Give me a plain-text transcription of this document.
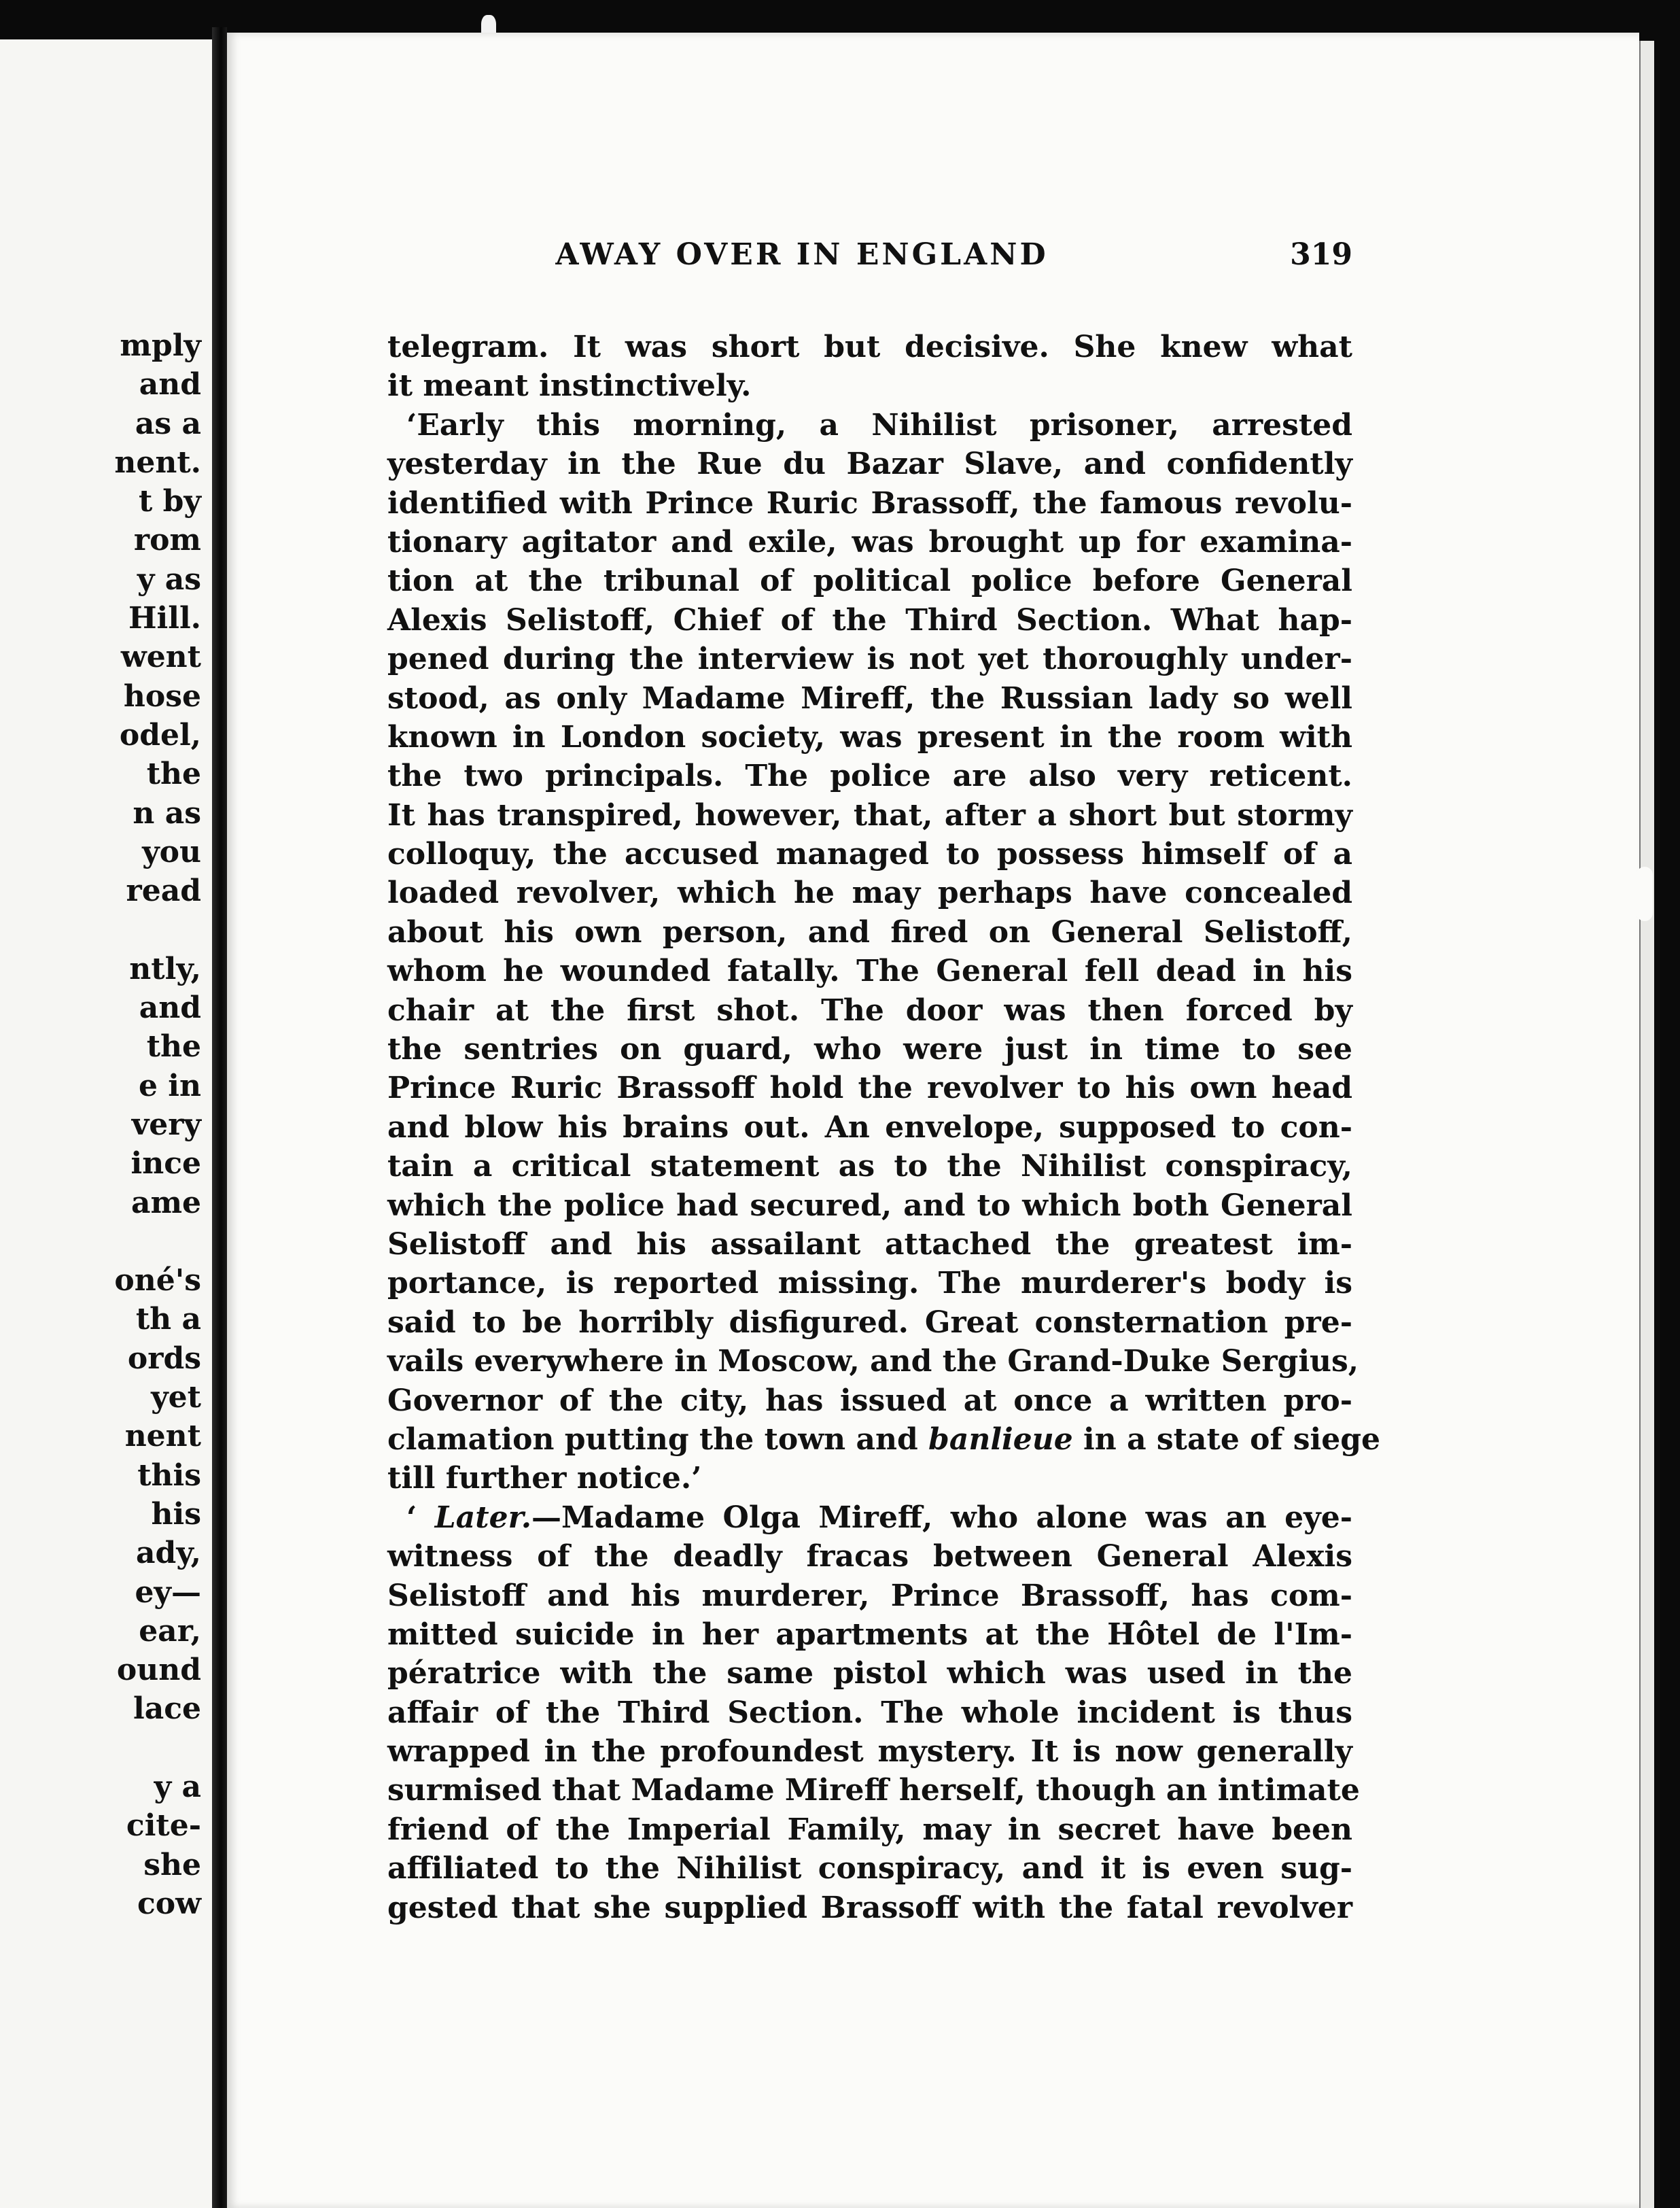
mply
and
as a
nent.
t by
rom
y as
Hill.
went
hose
odel,
the
n as
you
read
ntly,
and
the
e in
very
ince
ame
oné's
th a
ords
yet
nent
this
his
ady,
ey—
ear,
ound
lace
y a
cite-
she
cow
AWAY OVER IN ENGLAND	319
telegram. It was short but decisive. She knew what
it meant instinctively.
‘Early this morning, a Nihilist prisoner, arrested
yesterday in the Rue du Bazar Slave, and confidently
identified with Prince Ruric Brassoff, the famous revolu-
tionary agitator and exile, was brought up for examina-
tion at the tribunal of political police before General
Alexis Selistoff, Chief of the Third Section. What hap-
pened during the interview is not yet thoroughly under-
stood, as only Madame Mireff, the Russian lady so well
known in London society, was present in the room with
the two principals. The police are also very reticent.
It has transpired, however, that, after a short but stormy
colloquy, the accused managed to possess himself of a
loaded revolver, which he may perhaps have concealed
about his own person, and fired on General Selistoff,
whom he wounded fatally. The General fell dead in his
chair at the first shot. The door was then forced by
the sentries on guard, who were just in time to see
Prince Ruric Brassoff hold the revolver to his own head
and blow his brains out. An envelope, supposed to con-
tain a critical statement as to the Nihilist conspiracy,
which the police had secured, and to which both General
Selistoff and his assailant attached the greatest im-
portance, is reported missing. The murderer's body is
said to be horribly disfigured. Great consternation pre-
vails everywhere in Moscow, and the Grand-Duke Sergius,
Governor of the city, has issued at once a written pro-
clamation putting the town and banlieue in a state of siege
till further notice.’
‘ Later.—Madame Olga Mireff, who alone was an eye-
witness of the deadly fracas between General Alexis
Selistoff and his murderer, Prince Brassoff, has com-
mitted suicide in her apartments at the Hôtel de l'Im-
pératrice with the same pistol which was used in the
affair of the Third Section. The whole incident is thus
wrapped in the profoundest mystery. It is now generally
surmised that Madame Mireff herself, though an intimate
friend of the Imperial Family, may in secret have been
affiliated to the Nihilist conspiracy, and it is even sug-
gested that she supplied Brassoff with the fatal revolver
